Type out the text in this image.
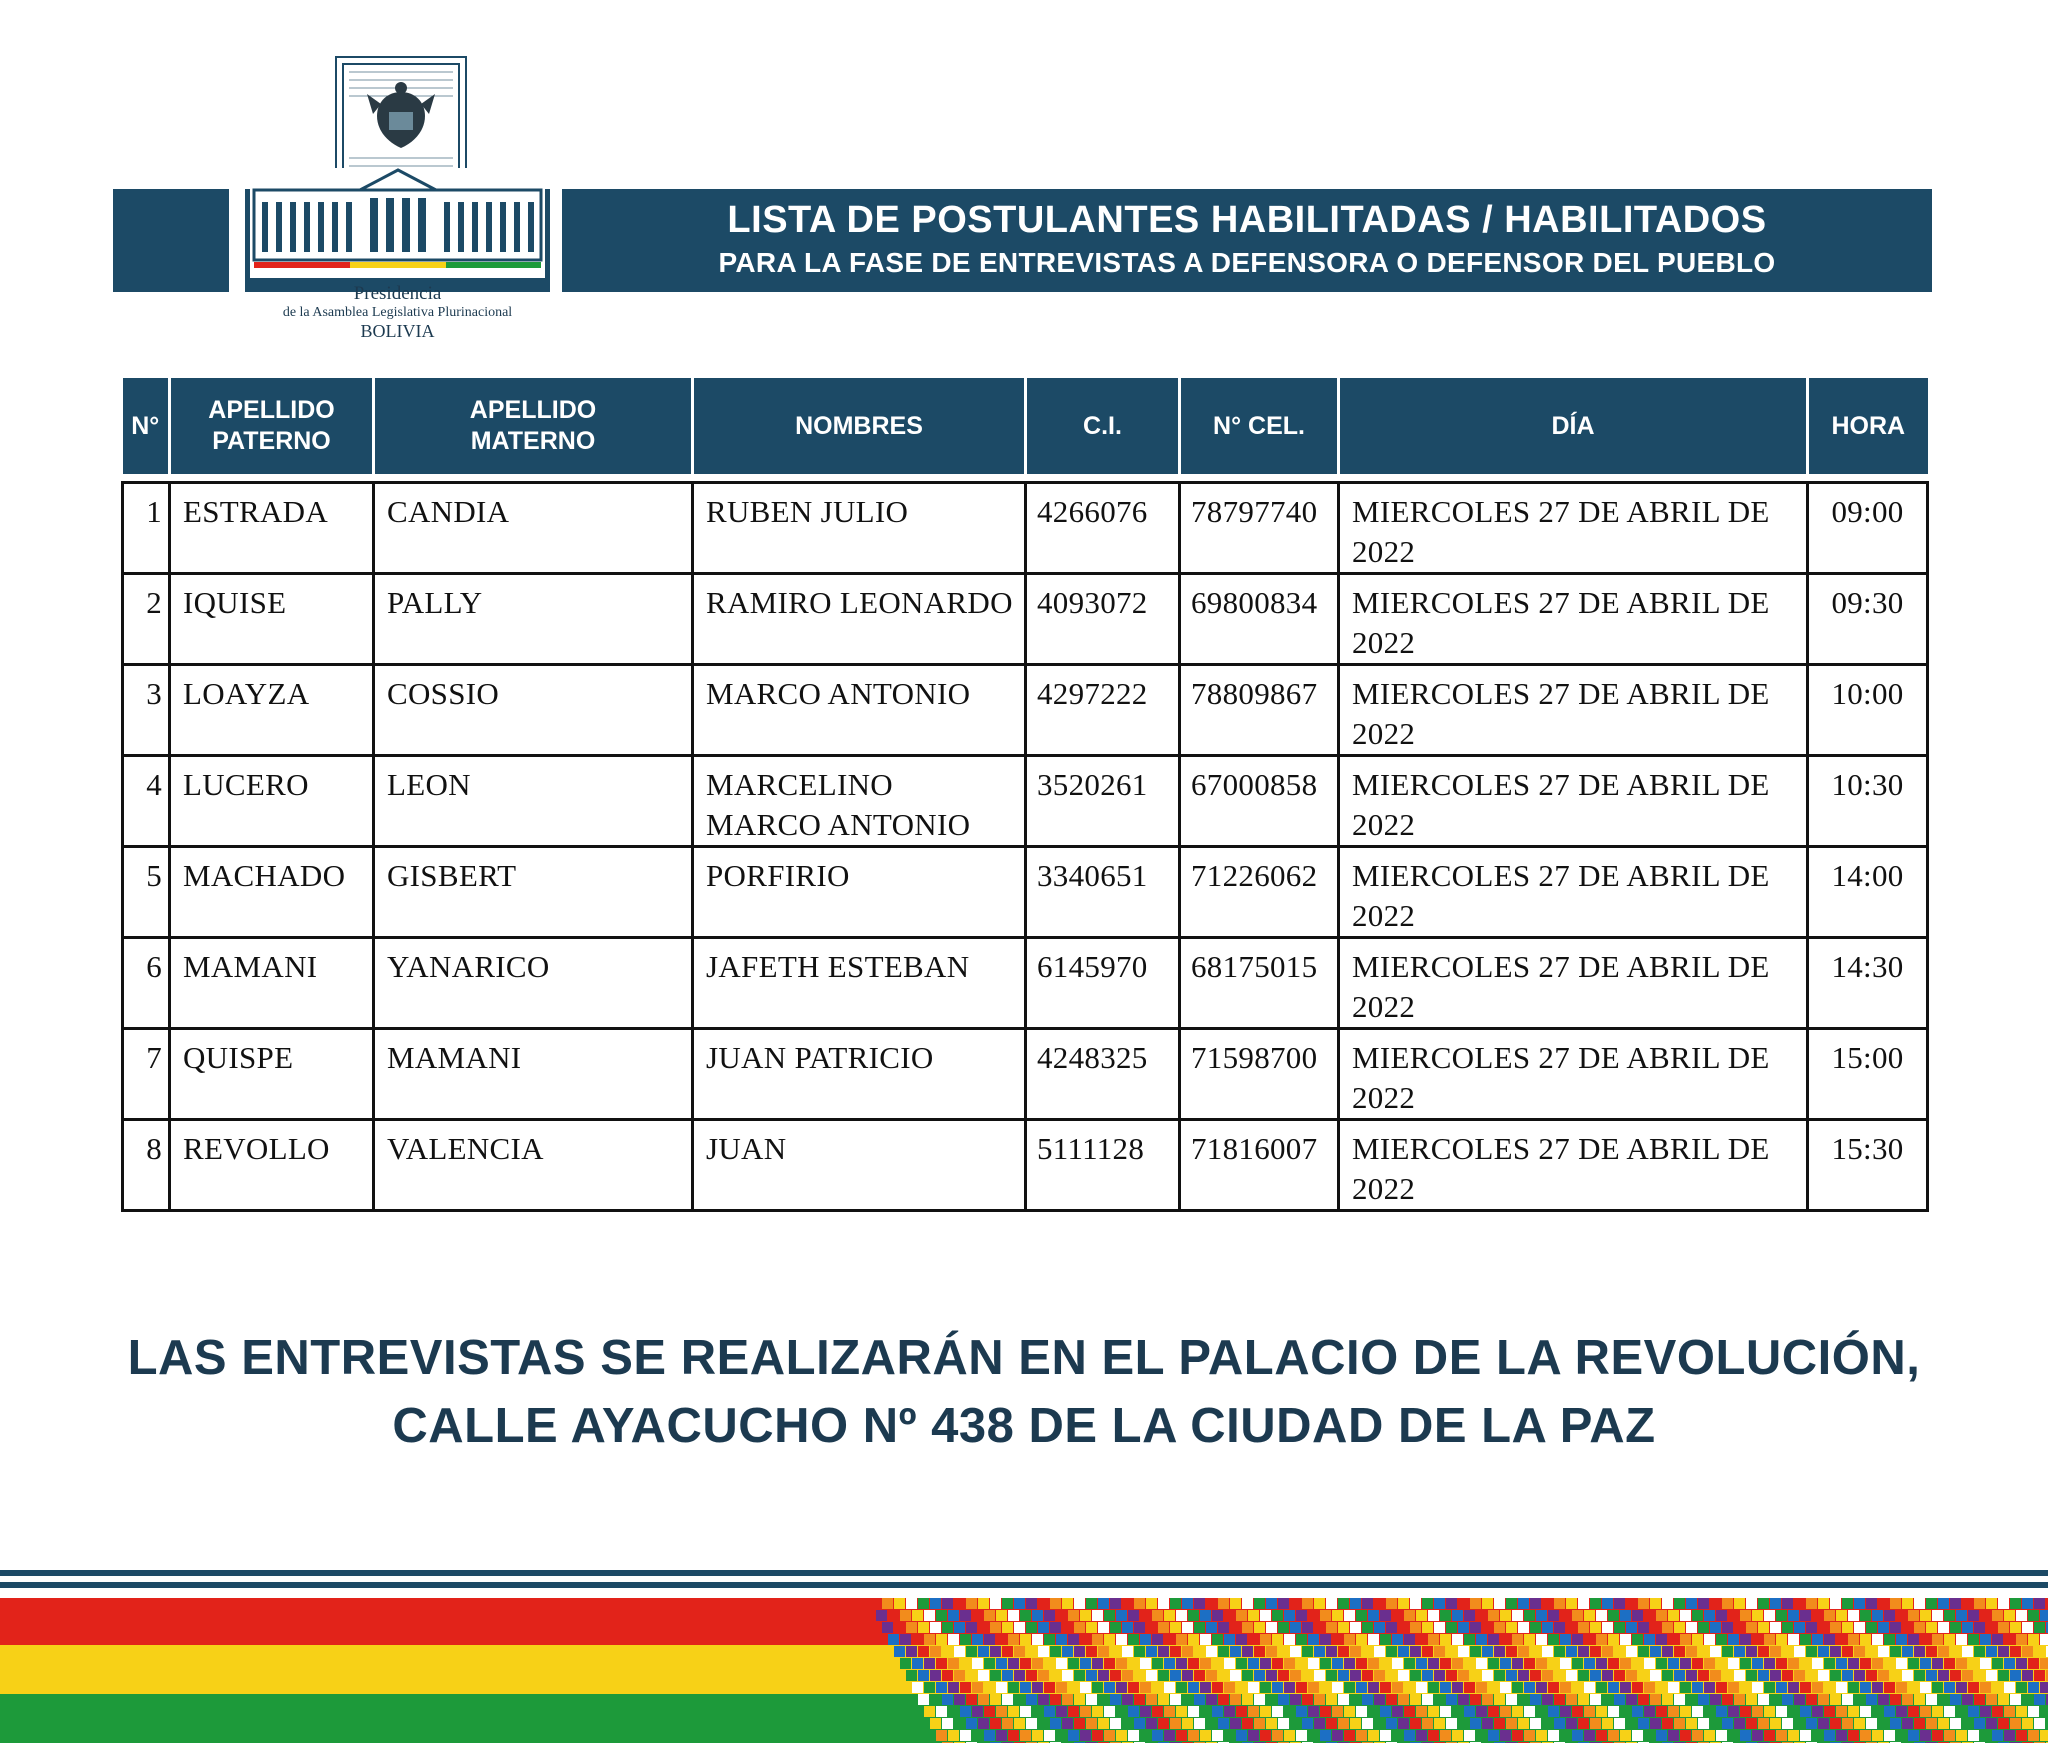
Presidencia
de la Asamblea Legislativa Plurinacional
BOLIVIA
LISTA DE POSTULANTES HABILITADAS / HABILITADOS
PARA LA FASE DE ENTREVISTAS A DEFENSORA O DEFENSOR DEL PUEBLO
N°	APELLIDO PATERNO	APELLIDO MATERNO	NOMBRES	C.I.	N° CEL.	DÍA	HORA

1	ESTRADA	CANDIA	RUBEN JULIO	4266076	78797740	MIERCOLES 27 DE ABRIL DE 2022	09:00
2	IQUISE	PALLY	RAMIRO LEONARDO	4093072	69800834	MIERCOLES 27 DE ABRIL DE 2022	09:30
3	LOAYZA	COSSIO	MARCO ANTONIO	4297222	78809867	MIERCOLES 27 DE ABRIL DE 2022	10:00
4	LUCERO	LEON	MARCELINO MARCO ANTONIO	3520261	67000858	MIERCOLES 27 DE ABRIL DE 2022	10:30
5	MACHADO	GISBERT	PORFIRIO	3340651	71226062	MIERCOLES 27 DE ABRIL DE 2022	14:00
6	MAMANI	YANARICO	JAFETH ESTEBAN	6145970	68175015	MIERCOLES 27 DE ABRIL DE 2022	14:30
7	QUISPE	MAMANI	JUAN PATRICIO	4248325	71598700	MIERCOLES 27 DE ABRIL DE 2022	15:00
8	REVOLLO	VALENCIA	JUAN	5111128	71816007	MIERCOLES 27 DE ABRIL DE 2022	15:30
LAS ENTREVISTAS SE REALIZARÁN EN EL PALACIO DE LA REVOLUCIÓN,
CALLE AYACUCHO Nº 438 DE LA CIUDAD DE LA PAZ
